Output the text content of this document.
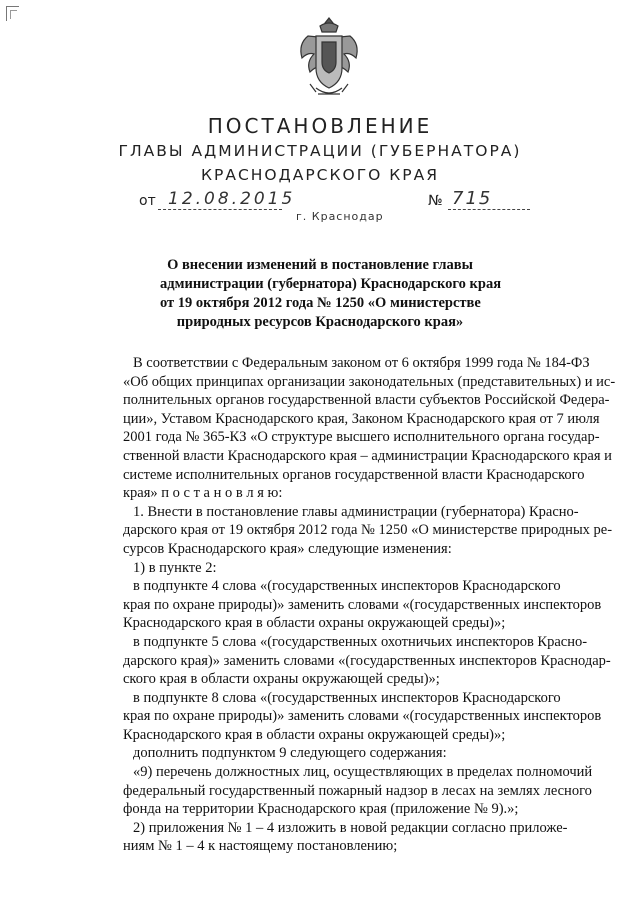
ПОСТАНОВЛЕНИЕ
ГЛАВЫ АДМИНИСТРАЦИИ (ГУБЕРНАТОРА)
КРАСНОДАРСКОГО КРАЯ
от 12.08.2015	№ 715
г. Краснодар
О внесении изменений в постановление главы
администрации (губернатора) Краснодарского края
от 19 октября 2012 года № 1250 «О министерстве
природных ресурсов Краснодарского края»
В соответствии с Федеральным законом от 6 октября 1999 года № 184-ФЗ
«Об общих принципах организации законодательных (представительных) и ис-
полнительных органов государственной власти субъектов Российской Федера-
ции», Уставом Краснодарского края, Законом Краснодарского края от 7 июля
2001 года № 365-КЗ «О структуре высшего исполнительного органа государ-
ственной власти Краснодарского края – администрации Краснодарского края и
системе исполнительных органов государственной власти Краснодарского
края» п о с т а н о в л я ю:
1. Внести в постановление главы администрации (губернатора) Красно-
дарского края от 19 октября 2012 года № 1250 «О министерстве природных ре-
сурсов Краснодарского края» следующие изменения:
1) в пункте 2:
в подпункте 4 слова «(государственных инспекторов Краснодарского
края по охране природы)» заменить словами «(государственных инспекторов
Краснодарского края в области охраны окружающей среды)»;
в подпункте 5 слова «(государственных охотничьих инспекторов Красно-
дарского края)» заменить словами «(государственных инспекторов Краснодар-
ского края в области охраны окружающей среды)»;
в подпункте 8 слова «(государственных инспекторов Краснодарского
края по охране природы)» заменить словами «(государственных инспекторов
Краснодарского края в области охраны окружающей среды)»;
дополнить подпунктом 9 следующего содержания:
«9) перечень должностных лиц, осуществляющих в пределах полномочий
федеральный государственный пожарный надзор в лесах на землях лесного
фонда на территории Краснодарского края (приложение № 9).»;
2) приложения № 1 – 4 изложить в новой редакции согласно приложе-
ниям № 1 – 4 к настоящему постановлению;
